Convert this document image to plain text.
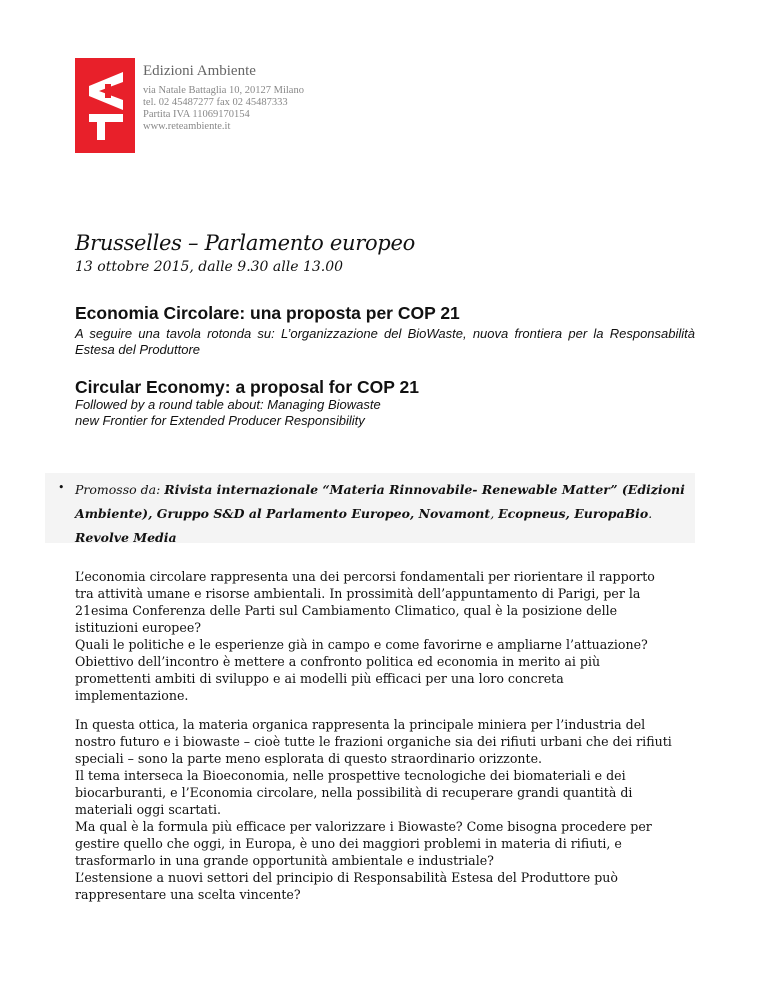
Edizioni Ambiente
via Natale Battaglia 10, 20127 Milano
tel. 02 45487277 fax 02 45487333
Partita IVA 11069170154
www.reteambiente.it
Brusselles – Parlamento europeo
13 ottobre 2015, dalle 9.30 alle 13.00
Economia Circolare: una proposta per COP 21
A seguire una tavola rotonda su: L’organizzazione del BioWaste, nuova frontiera per la Responsabilità Estesa del Produttore
Circular Economy: a proposal for COP 21
Followed by a round table about: Managing Biowaste
new Frontier for Extended Producer Responsibility
• Promosso da: Rivista internazionale “Materia Rinnovabile- Renewable Matter” (Edizioni Ambiente), Gruppo S&D al Parlamento Europeo, Novamont, Ecopneus, EuropaBio. Revolve Media
L’economia circolare rappresenta una dei percorsi fondamentali per riorientare il rapporto
tra attività umane e risorse ambientali. In prossimità dell’appuntamento di Parigi, per la
21esima Conferenza delle Parti sul Cambiamento Climatico, qual è la posizione delle
istituzioni europee?
Quali le politiche e le esperienze già in campo e come favorirne e ampliarne l’attuazione?
Obiettivo dell’incontro è mettere a confronto politica ed economia in merito ai più
promettenti ambiti di sviluppo e ai modelli più efficaci per una loro concreta
implementazione.
In questa ottica, la materia organica rappresenta la principale miniera per l’industria del
nostro futuro e i biowaste – cioè tutte le frazioni organiche sia dei rifiuti urbani che dei rifiuti
speciali – sono la parte meno esplorata di questo straordinario orizzonte.
Il tema interseca la Bioeconomia, nelle prospettive tecnologiche dei biomateriali e dei
biocarburanti, e l’Economia circolare, nella possibilità di recuperare grandi quantità di
materiali oggi scartati.
Ma qual è la formula più efficace per valorizzare i Biowaste? Come bisogna procedere per
gestire quello che oggi, in Europa, è uno dei maggiori problemi in materia di rifiuti, e
trasformarlo in una grande opportunità ambientale e industriale?
L’estensione a nuovi settori del principio di Responsabilità Estesa del Produttore può
rappresentare una scelta vincente?
